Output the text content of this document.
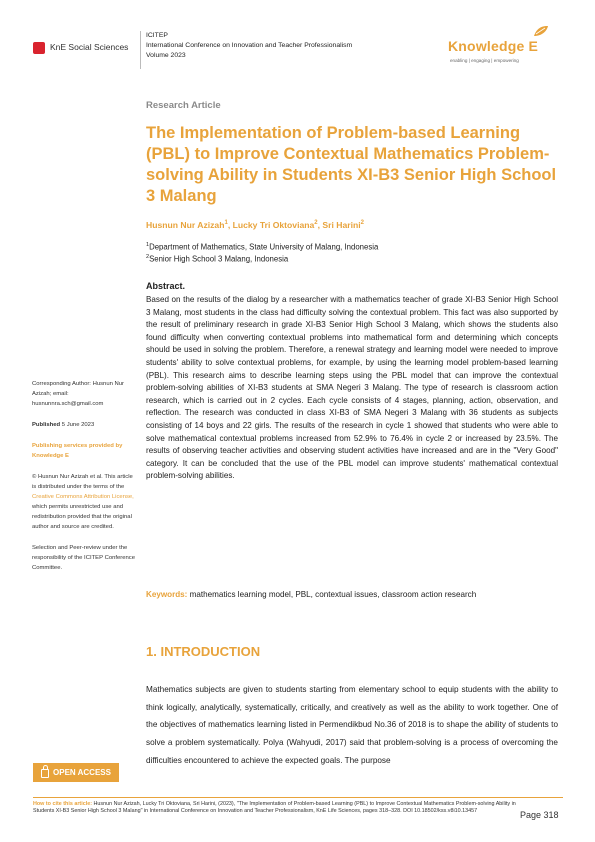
KnE Social Sciences
ICITEP
International Conference on Innovation and Teacher Professionalism
Volume 2023
Knowledge E
enabling | engaging | empowering
Research Article
The Implementation of Problem-based Learning (PBL) to Improve Contextual Mathematics Problem-solving Ability in Students XI-B3 Senior High School 3 Malang
Husnun Nur Azizah$^1$, Lucky Tri Oktoviana$^2$, Sri Harini$^2$
$^1$Department of Mathematics, State University of Malang, Indonesia
$^2$Senior High School 3 Malang, Indonesia

Corresponding Author: Husnun Nur Azizah; email: husnunnra.sch@gmail.com

Published 5 June 2023

Publishing services provided by Knowledge E

© Husnun Nur Azizah et al. This article is distributed under the terms of the Creative Commons Attribution License, which permits unrestricted use and redistribution provided that the original author and source are credited.

Selection and Peer-review under the responsibility of the ICITEP Conference Committee.

OPEN ACCESS
Abstract.
Based on the results of the dialog by a researcher with a mathematics teacher of grade XI-B3 Senior High School 3 Malang, most students in the class had difficulty solving the contextual problem. This fact was also supported by the result of preliminary research in grade XI-B3 Senior High School 3 Malang, which shows the students also found difficulty when converting contextual problems into mathematical form and determining which concepts should be used in solving the problem. Therefore, a renewal strategy and learning model were needed to improve students' ability to solve contextual problems, for example, by using the learning model problem-based learning (PBL). This research aims to describe learning steps using the PBL model that can improve the contextual problem-solving abilities of XI-B3 students at SMA Negeri 3 Malang. The type of research is classroom action research, which is carried out in 2 cycles. Each cycle consists of 4 stages, planning, action, observation, and reflection. The research was conducted in class XI-B3 of SMA Negeri 3 Malang with 36 students as subjects consisting of 14 boys and 22 girls. The results of the research in cycle 1 showed that students who were able to solve mathematical contextual problems increased from 52.9% to 76.4% in cycle 2 or increased by 23.5%. The results of observing teacher activities and observing student activities have increased and are in the "Very Good" category. It can be concluded that the use of the PBL model can improve students' mathematical contextual problem-solving abilities.
Keywords: mathematics learning model, PBL, contextual issues, classroom action research
1. INTRODUCTION
Mathematics subjects are given to students starting from elementary school to equip students with the ability to think logically, analytically, systematically, critically, and creatively as well as the ability to work together. One of the objectives of mathematics learning listed in Permendikbud No.36 of 2018 is to shape the ability of students to solve a problem systematically. Polya (Wahyudi, 2017) said that problem-solving is a process of overcoming the difficulties encountered to achieve the expected goals. The purpose
How to cite this article: Husnun Nur Azizah, Lucky Tri Oktoviana, Sri Harini, (2023), "The Implementation of Problem-based Learning (PBL) to Improve Contextual Mathematics Problem-solving Ability in Students XI-B3 Senior High School 3 Malang" in International Conference on Innovation and Teacher Professionalism, KnE Life Sciences, pages 318–328. DOI 10.18502/kss.v8i10.13457	Page 318
